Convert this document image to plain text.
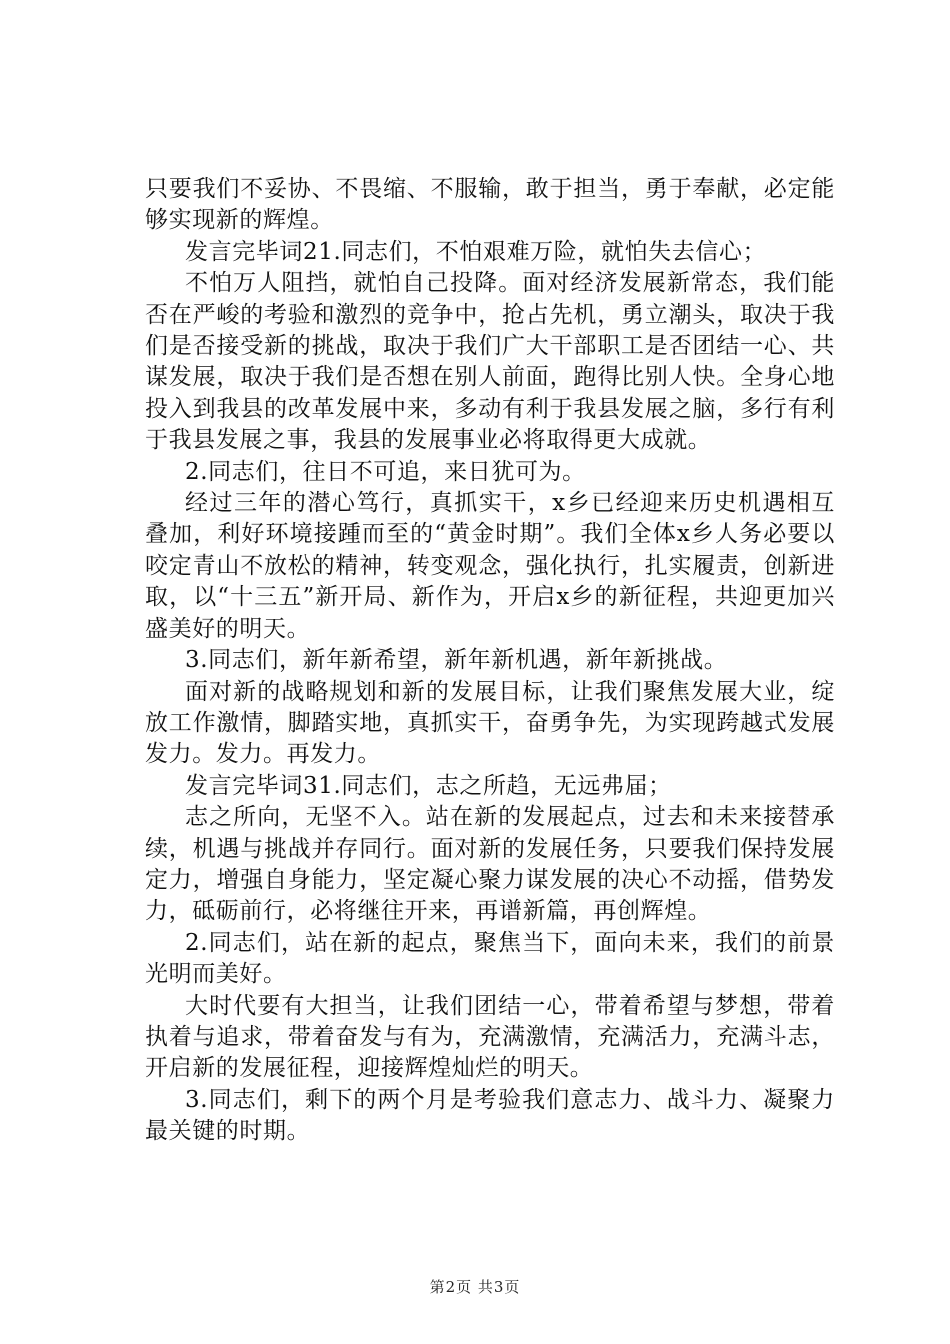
只要我们不妥协、不畏缩、不服输，敢于担当，勇于奉献，必定能够实现新的辉煌。

发言完毕词21.同志们，不怕艰难万险，就怕失去信心；

不怕万人阻挡，就怕自己投降。面对经济发展新常态，我们能否在严峻的考验和激烈的竞争中，抢占先机，勇立潮头，取决于我们是否接受新的挑战，取决于我们广大干部职工是否团结一心、共谋发展，取决于我们是否想在别人前面，跑得比别人快。全身心地投入到我县的改革发展中来，多动有利于我县发展之脑，多行有利于我县发展之事，我县的发展事业必将取得更大成就。

2.同志们，往日不可追，来日犹可为。

经过三年的潜心笃行，真抓实干，x乡已经迎来历史机遇相互叠加，利好环境接踵而至的“黄金时期”。我们全体x乡人务必要以咬定青山不放松的精神，转变观念，强化执行，扎实履责，创新进取，以“十三五”新开局、新作为，开启x乡的新征程，共迎更加兴盛美好的明天。

3.同志们，新年新希望，新年新机遇，新年新挑战。

面对新的战略规划和新的发展目标，让我们聚焦发展大业，绽放工作激情，脚踏实地，真抓实干，奋勇争先，为实现跨越式发展发力。发力。再发力。

发言完毕词31.同志们，志之所趋，无远弗届；

志之所向，无坚不入。站在新的发展起点，过去和未来接替承续，机遇与挑战并存同行。面对新的发展任务，只要我们保持发展定力，增强自身能力，坚定凝心聚力谋发展的决心不动摇，借势发力，砥砺前行，必将继往开来，再谱新篇，再创辉煌。

2.同志们，站在新的起点，聚焦当下，面向未来，我们的前景光明而美好。

大时代要有大担当，让我们团结一心，带着希望与梦想，带着执着与追求，带着奋发与有为，充满激情，充满活力，充满斗志，开启新的发展征程，迎接辉煌灿烂的明天。

3.同志们，剩下的两个月是考验我们意志力、战斗力、凝聚力最关键的时期。

第2页 共3页
